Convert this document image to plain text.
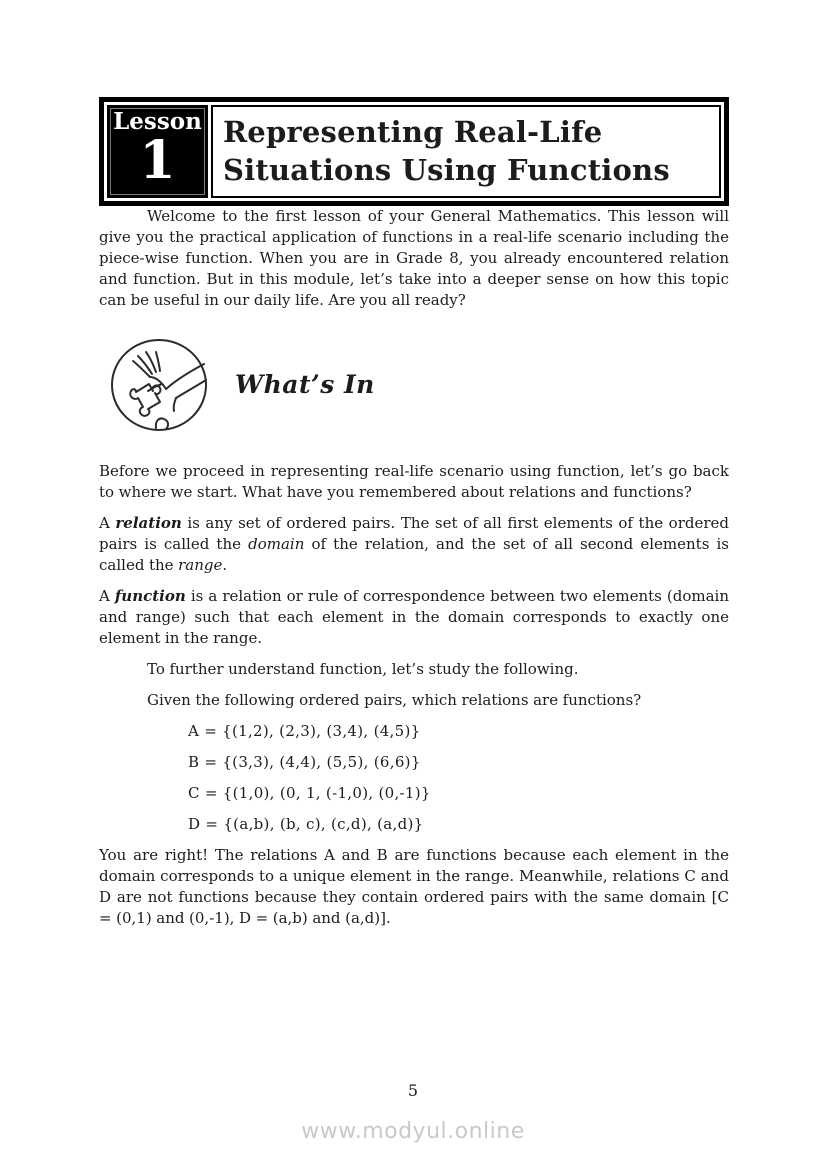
Lesson
1	Representing Real-Life
Situations Using Functions

Welcome to the first lesson of your General Mathematics. This lesson will give you the practical application of functions in a real-life scenario including the piece-wise function. When you are in Grade 8, you already encountered relation and function. But in this module, let’s take into a deeper sense on how this topic can be useful in our daily life. Are you all ready?

What’s In

Before we proceed in representing real-life scenario using function, let’s go back to where we start. What have you remembered about relations and functions?

A relation is any set of ordered pairs. The set of all first elements of the ordered pairs is called the domain of the relation, and the set of all second elements is called the range.

A function is a relation or rule of correspondence between two elements (domain and range) such that each element in the domain corresponds to exactly one element in the range.

To further understand function, let’s study the following.

Given the following ordered pairs, which relations are functions?

A = {(1,2), (2,3), (3,4), (4,5)}

B = {(3,3), (4,4), (5,5), (6,6)}

C = {(1,0), (0, 1, (-1,0), (0,-1)}

D = {(a,b), (b, c), (c,d), (a,d)}

You are right! The relations A and B are functions because each element in the domain corresponds to a unique element in the range. Meanwhile, relations C and D are not functions because they contain ordered pairs with the same domain [C = (0,1) and (0,-1), D = (a,b) and (a,d)].

5
www.modyul.online
